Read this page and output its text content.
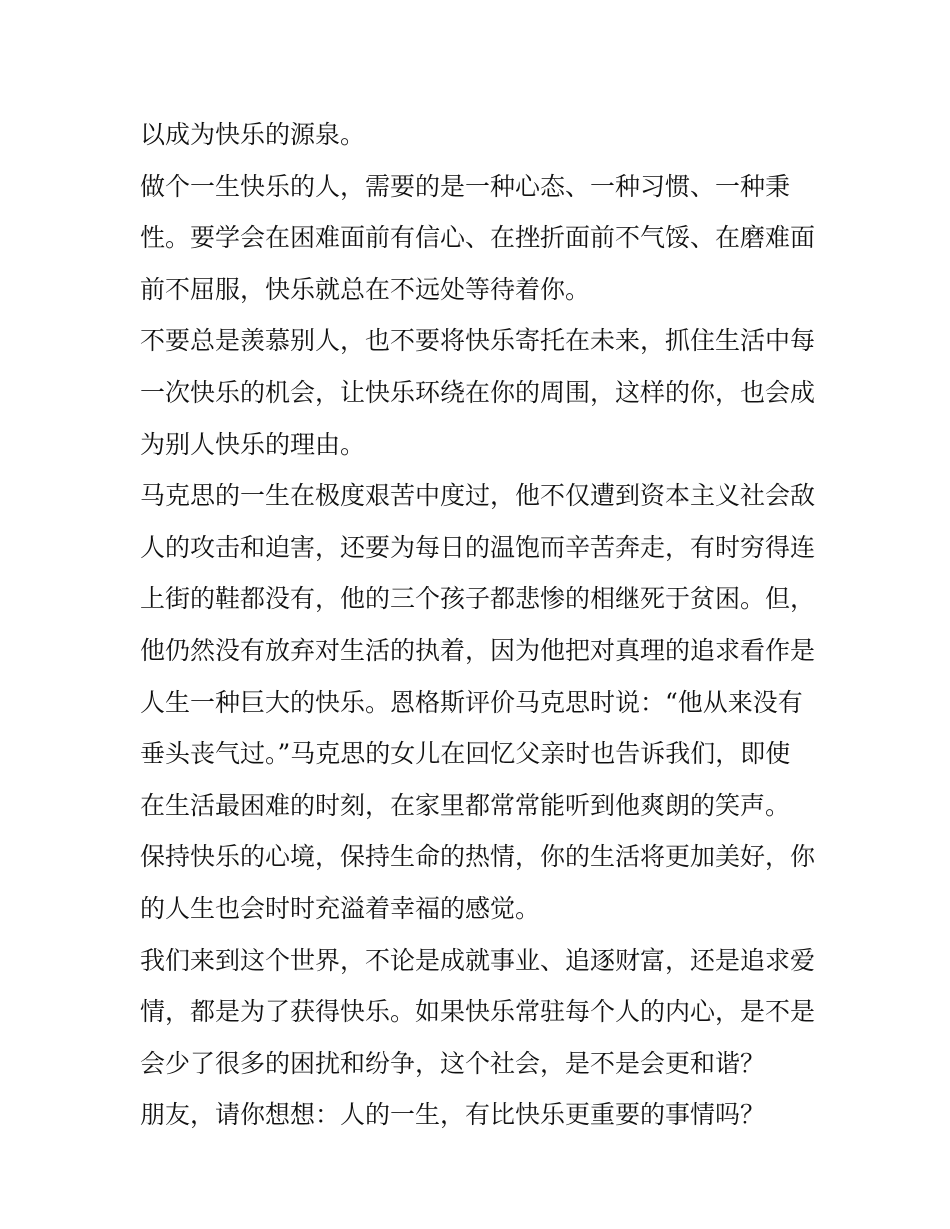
以成为快乐的源泉。
做个一生快乐的人，需要的是一种心态、一种习惯、一种秉
性。要学会在困难面前有信心、在挫折面前不气馁、在磨难面
前不屈服，快乐就总在不远处等待着你。
不要总是羡慕别人，也不要将快乐寄托在未来，抓住生活中每
一次快乐的机会，让快乐环绕在你的周围，这样的你，也会成
为别人快乐的理由。
马克思的一生在极度艰苦中度过，他不仅遭到资本主义社会敌
人的攻击和迫害，还要为每日的温饱而辛苦奔走，有时穷得连
上街的鞋都没有，他的三个孩子都悲惨的相继死于贫困。但，
他仍然没有放弃对生活的执着，因为他把对真理的追求看作是
人生一种巨大的快乐。恩格斯评价马克思时说：“他从来没有
垂头丧气过。”马克思的女儿在回忆父亲时也告诉我们，即使
在生活最困难的时刻，在家里都常常能听到他爽朗的笑声。
保持快乐的心境，保持生命的热情，你的生活将更加美好，你
的人生也会时时充溢着幸福的感觉。
我们来到这个世界，不论是成就事业、追逐财富，还是追求爱
情，都是为了获得快乐。如果快乐常驻每个人的内心，是不是
会少了很多的困扰和纷争，这个社会，是不是会更和谐？
朋友，请你想想：人的一生，有比快乐更重要的事情吗？
